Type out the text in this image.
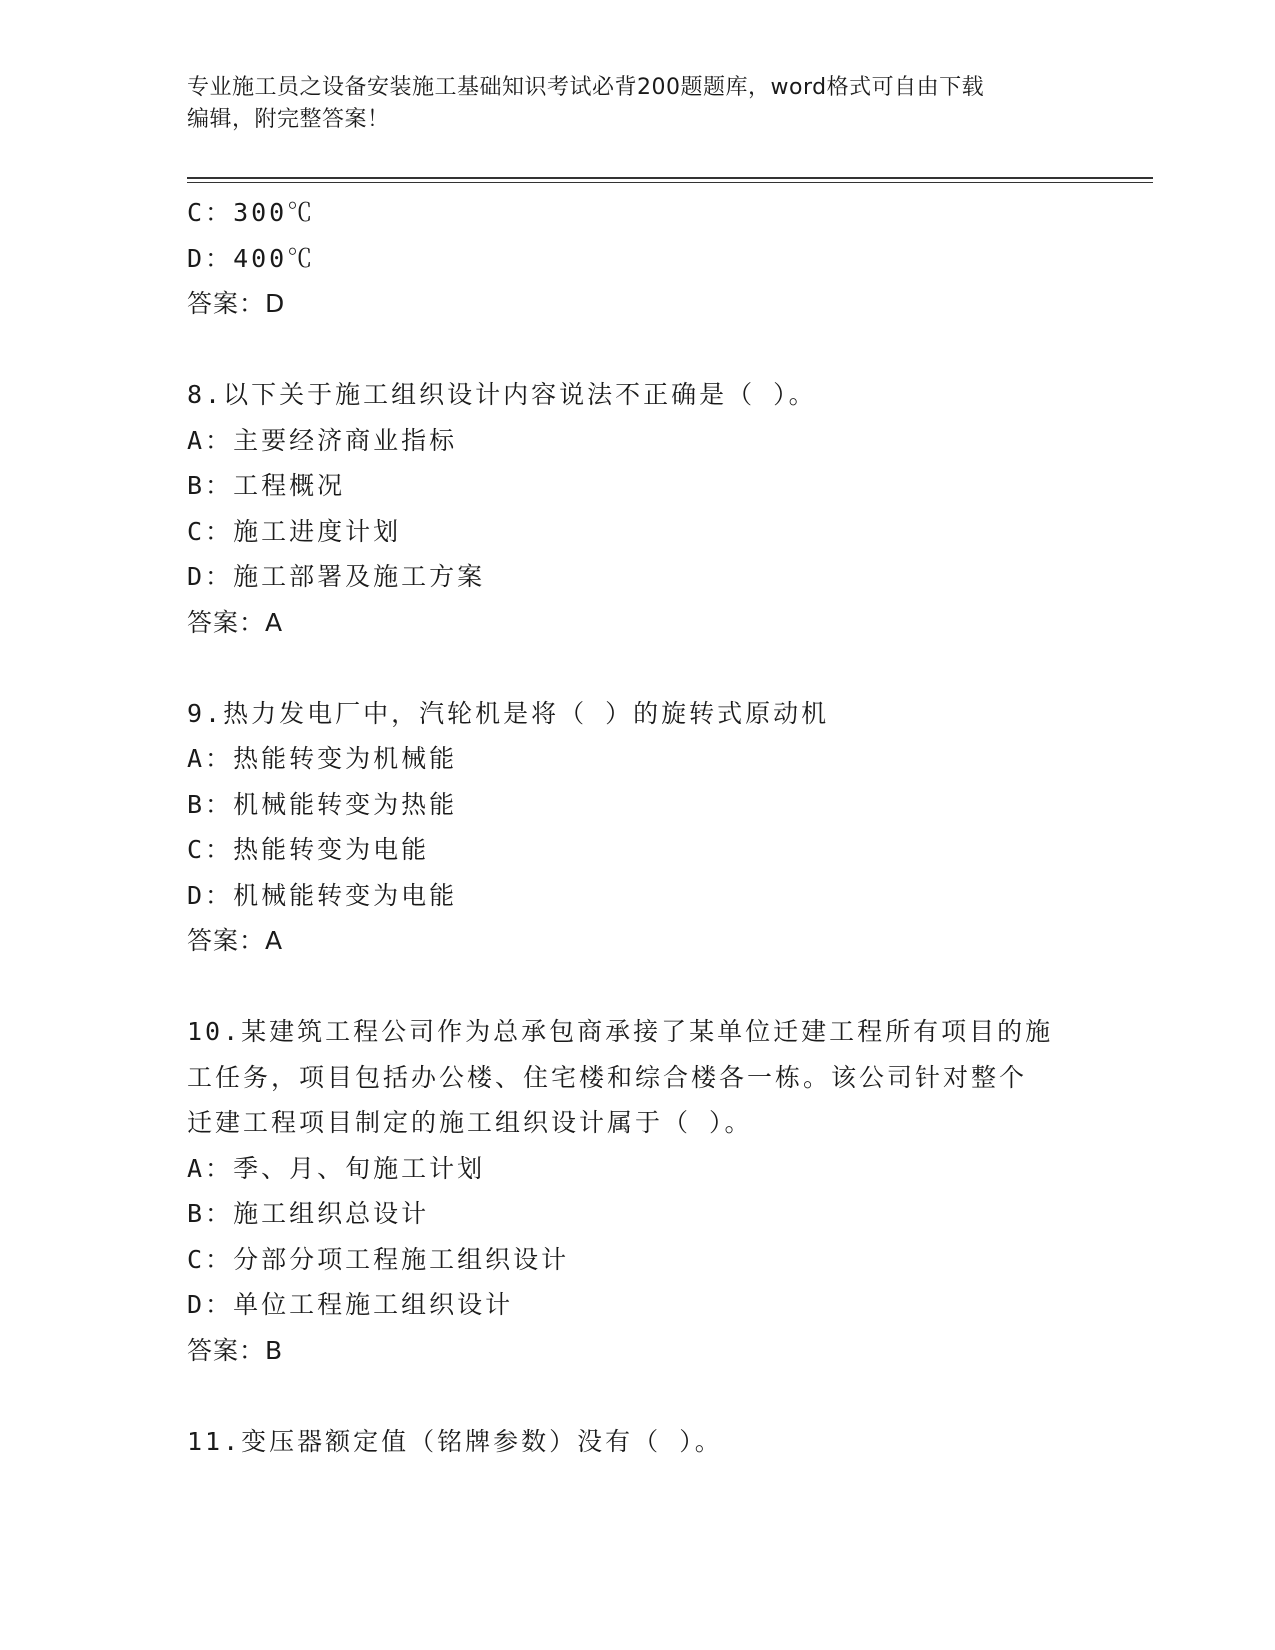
专业施工员之设备安装施工基础知识考试必背200题题库，word格式可自由下载
编辑，附完整答案！
C：300℃
D：400℃
答案：D
8.以下关于施工组织设计内容说法不正确是（ ）。
A：主要经济商业指标
B：工程概况
C：施工进度计划
D：施工部署及施工方案
答案：A
9.热力发电厂中，汽轮机是将（ ）的旋转式原动机
A：热能转变为机械能
B：机械能转变为热能
C：热能转变为电能
D：机械能转变为电能
答案：A
10.某建筑工程公司作为总承包商承接了某单位迁建工程所有项目的施
工任务，项目包括办公楼、住宅楼和综合楼各一栋。该公司针对整个
迁建工程项目制定的施工组织设计属于（ ）。
A：季、月、旬施工计划
B：施工组织总设计
C：分部分项工程施工组织设计
D：单位工程施工组织设计
答案：B
11.变压器额定值（铭牌参数）没有（ ）。
